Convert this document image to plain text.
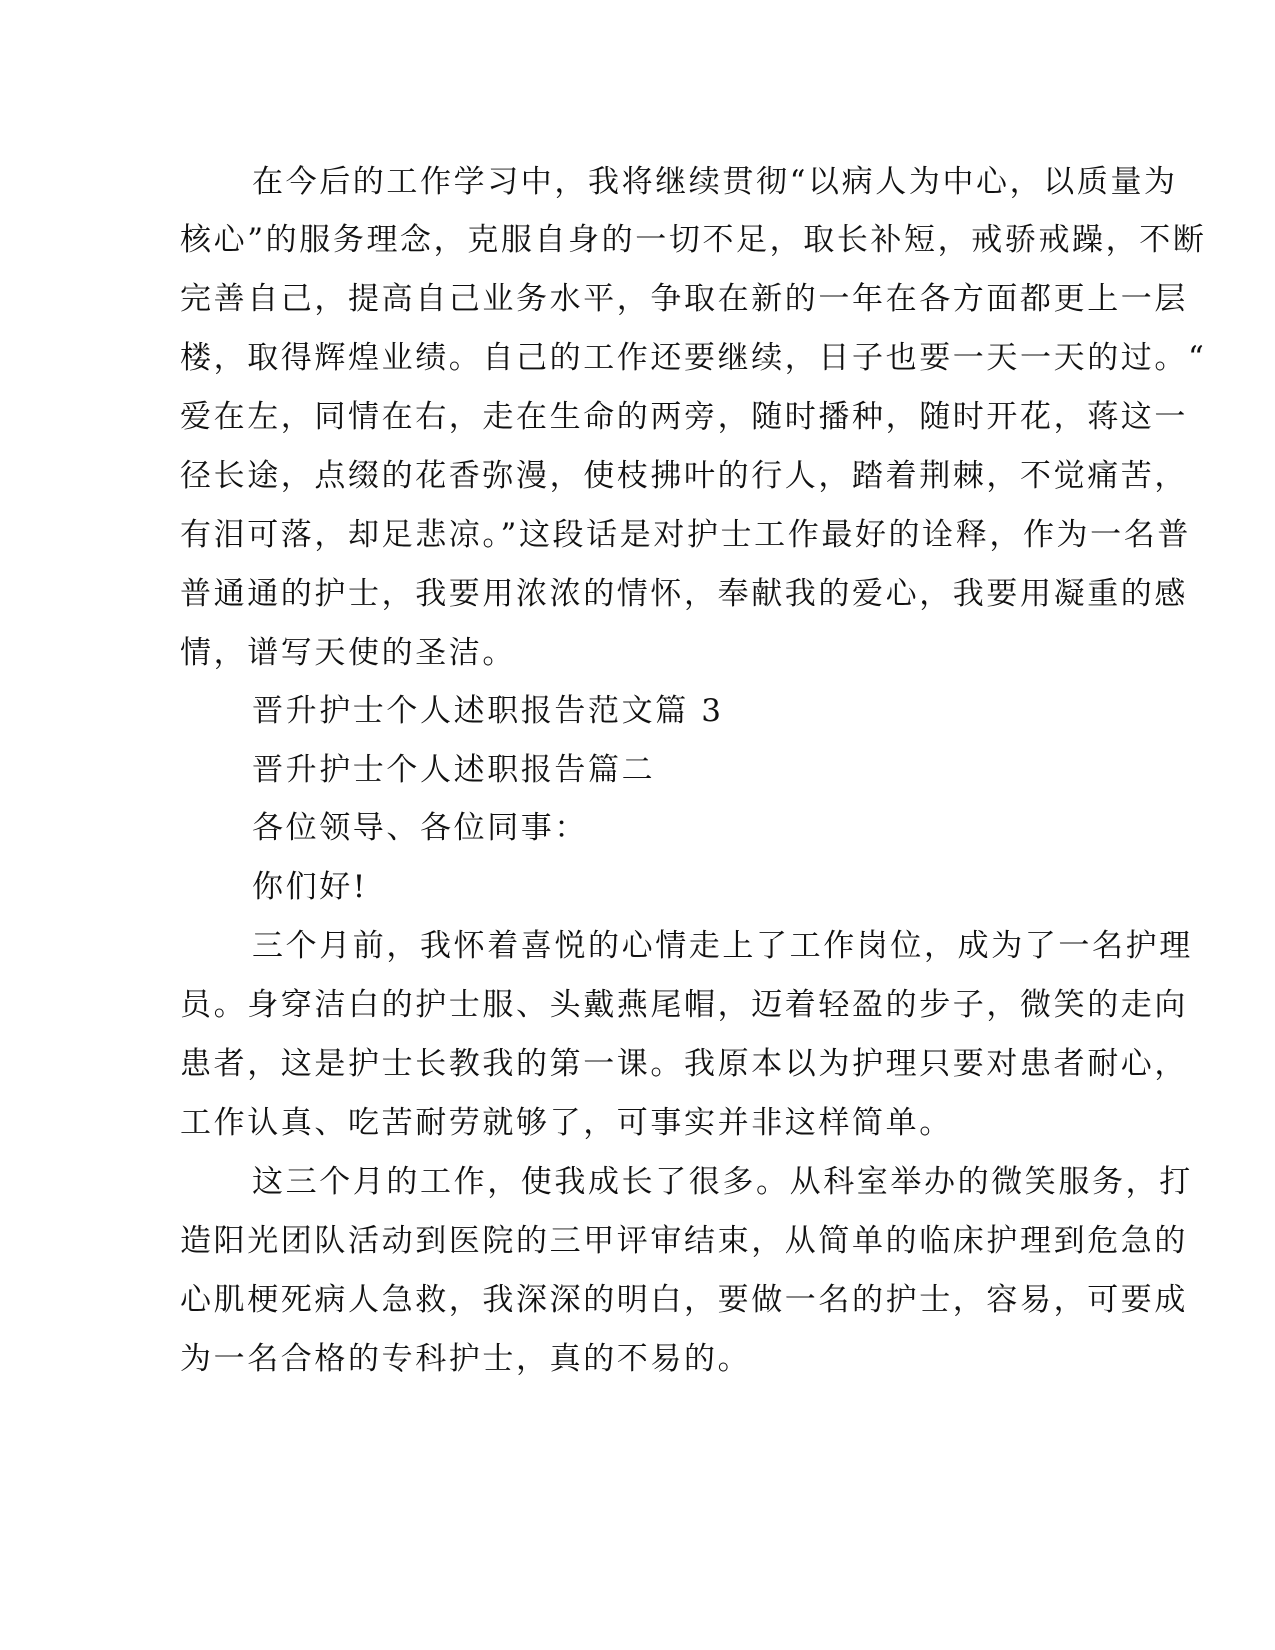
在今后的工作学习中，我将继续贯彻“以病人为中心，以质量为
核心”的服务理念，克服自身的一切不足，取长补短，戒骄戒躁，不断
完善自己，提高自己业务水平，争取在新的一年在各方面都更上一层
楼，取得辉煌业绩。自己的工作还要继续，日子也要一天一天的过。“
爱在左，同情在右，走在生命的两旁，随时播种，随时开花，蒋这一
径长途，点缀的花香弥漫，使枝拂叶的行人，踏着荆棘，不觉痛苦，
有泪可落，却足悲凉。”这段话是对护士工作最好的诠释，作为一名普
普通通的护士，我要用浓浓的情怀，奉献我的爱心，我要用凝重的感
情，谱写天使的圣洁。
晋升护士个人述职报告范文篇 3
晋升护士个人述职报告篇二
各位领导、各位同事：
你们好!
三个月前，我怀着喜悦的心情走上了工作岗位，成为了一名护理
员。身穿洁白的护士服、头戴燕尾帽，迈着轻盈的步子，微笑的走向
患者，这是护士长教我的第一课。我原本以为护理只要对患者耐心，
工作认真、吃苦耐劳就够了，可事实并非这样简单。
这三个月的工作，使我成长了很多。从科室举办的微笑服务，打
造阳光团队活动到医院的三甲评审结束，从简单的临床护理到危急的
心肌梗死病人急救，我深深的明白，要做一名的护士，容易，可要成
为一名合格的专科护士，真的不易的。
